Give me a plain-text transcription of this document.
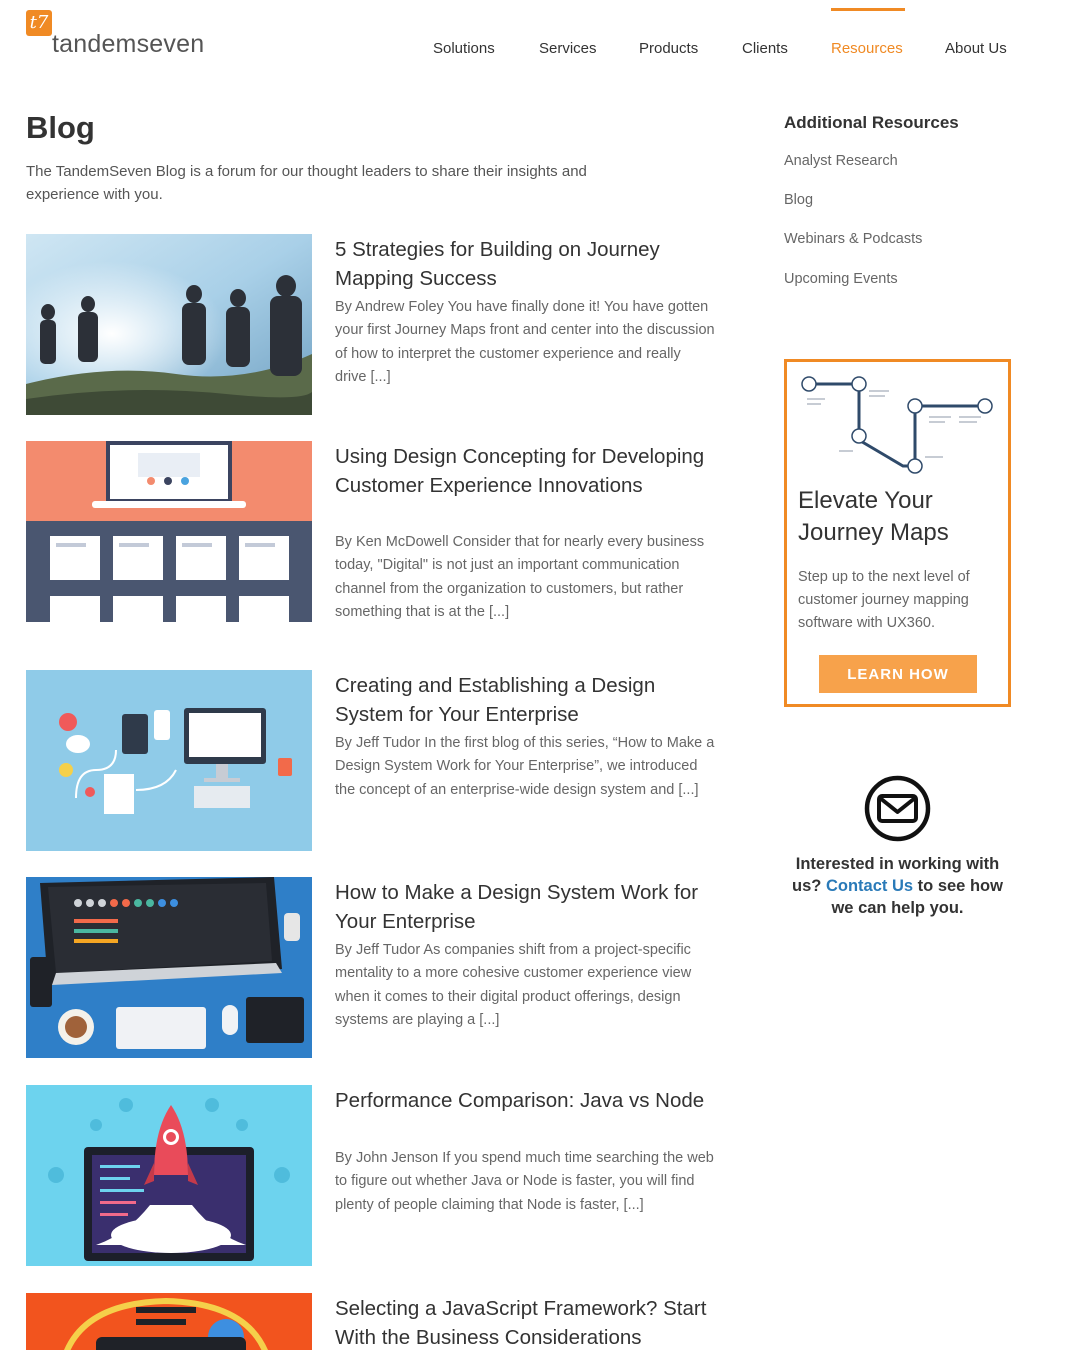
t7
tandemseven	Solutions	Services	Products	Clients	Resources	About Us
Blog

The TandemSeven Blog is a forum for our thought leaders to share their insights and experience with you.

5 Strategies for Building on Journey Mapping Success
By Andrew Foley You have finally done it! You have gotten your first Journey Maps front and center into the discussion of how to interpret the customer experience and really drive [...]
Using Design Concepting for Developing Customer Experience Innovations
By Ken McDowell Consider that for nearly every business today, "Digital" is not just an important communication channel from the organization to customers, but rather something that is at the [...]
Creating and Establishing a Design System for Your Enterprise
By Jeff Tudor In the first blog of this series, “How to Make a Design System Work for Your Enterprise”, we introduced the concept of an enterprise-wide design system and [...]
How to Make a Design System Work for Your Enterprise
By Jeff Tudor As companies shift from a project-specific mentality to a more cohesive customer experience view when it comes to their digital product offerings, design systems are playing a [...]
Performance Comparison: Java vs Node
By John Jenson If you spend much time searching the web to figure out whether Java or Node is faster, you will find plenty of people claiming that Node is faster, [...]
Selecting a JavaScript Framework? Start With the Business Considerations
Additional Resources
Analyst Research
Blog
Webinars & Podcasts
Upcoming Events
Elevate Your Journey Maps
Step up to the next level of customer journey mapping software with UX360.
LEARN HOW
Interested in working with us? Contact Us to see how we can help you.
